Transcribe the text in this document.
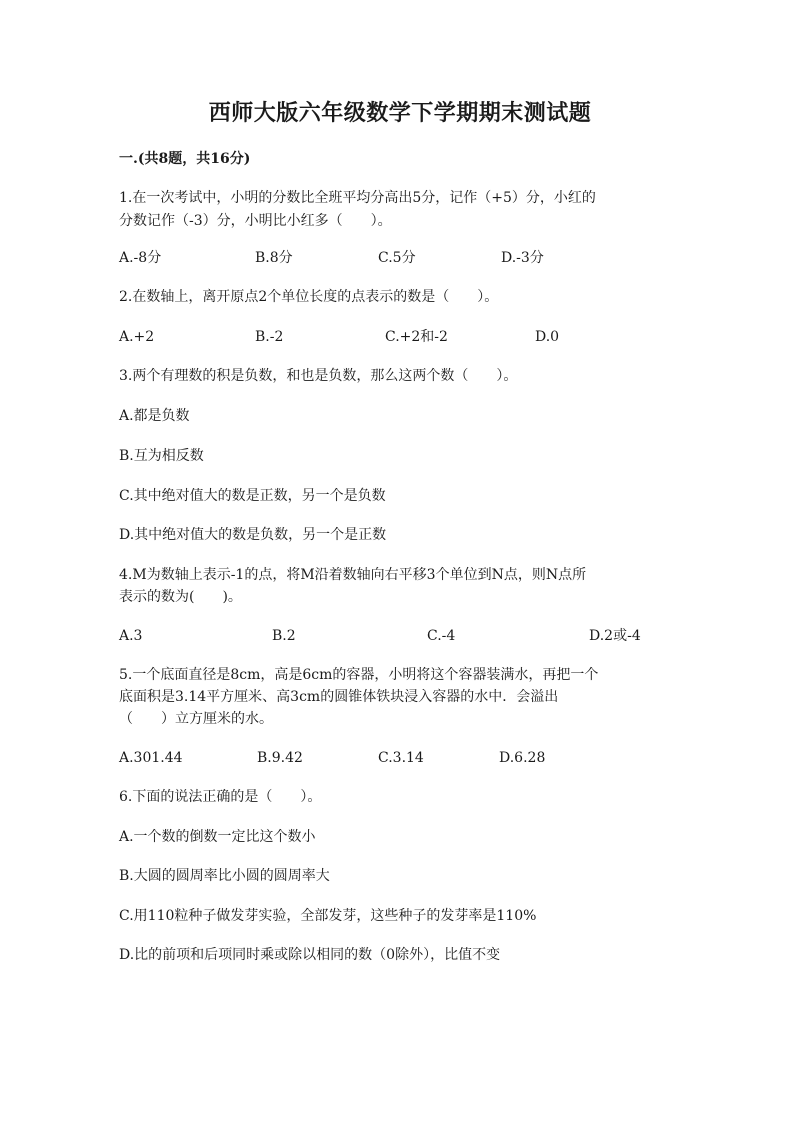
西师大版六年级数学下学期期末测试题
一.(共8题，共16分)
1.在一次考试中，小明的分数比全班平均分高出5分，记作（+5）分，小红的
分数记作（-3）分，小明比小红多（　　）。
A.-8分	B.8分	C.5分	D.-3分
2.在数轴上，离开原点2个单位长度的点表示的数是（　　）。
A.+2	B.-2	C.+2和-2	D.0
3.两个有理数的积是负数，和也是负数，那么这两个数（　　）。
A.都是负数
B.互为相反数
C.其中绝对值大的数是正数，另一个是负数
D.其中绝对值大的数是负数，另一个是正数
4.M为数轴上表示-1的点，将M沿着数轴向右平移3个单位到N点，则N点所
表示的数为(　　)。
A.3	B.2	C.-4	D.2或-4
5.一个底面直径是8cm，高是6cm的容器，小明将这个容器装满水，再把一个
底面积是3.14平方厘米、高3cm的圆锥体铁块浸入容器的水中．会溢出
（　　）立方厘米的水。
A.301.44	B.9.42	C.3.14	D.6.28
6.下面的说法正确的是（　　）。
A.一个数的倒数一定比这个数小
B.大圆的圆周率比小圆的圆周率大
C.用110粒种子做发芽实验，全部发芽，这些种子的发芽率是110%
D.比的前项和后项同时乘或除以相同的数（0除外），比值不变
